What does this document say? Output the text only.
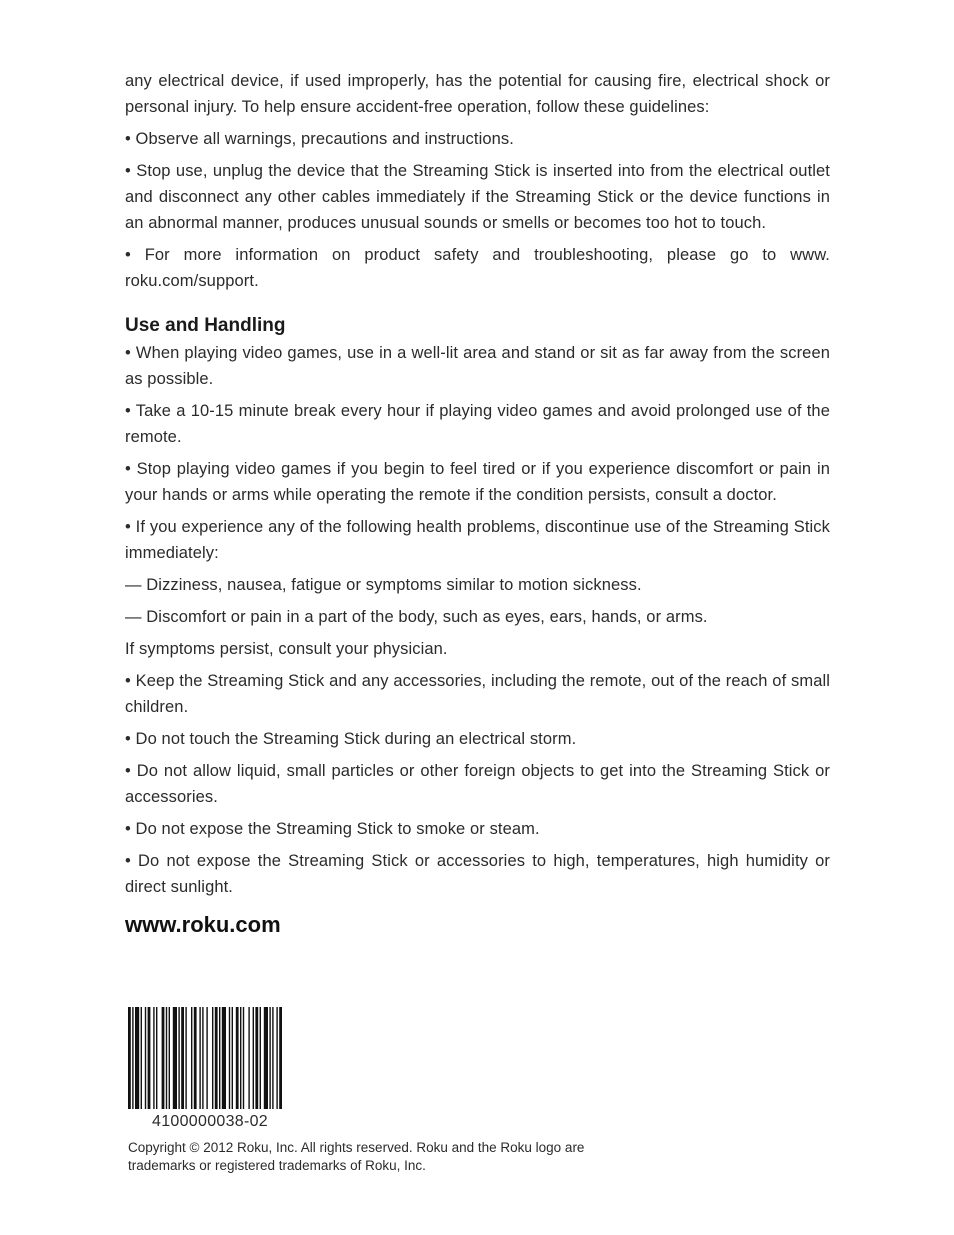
any electrical device, if used improperly, has the potential for causing fire, electrical shock or personal injury. To help ensure accident-free operation, follow these guidelines:

• Observe all warnings, precautions and instructions.

• Stop use, unplug the device that the Streaming Stick is inserted into from the electrical outlet and disconnect any other cables immediately if the Streaming Stick or the device functions in an abnormal manner, produces unusual sounds or smells or becomes too hot to touch.

• For more information on product safety and troubleshooting, please go to www. roku.com/support.

Use and Handling

• When playing video games, use in a well-lit area and stand or sit as far away from the screen as possible.

• Take a 10-15 minute break every hour if playing video games and avoid prolonged use of the remote.

• Stop playing video games if you begin to feel tired or if you experience discomfort or pain in your hands or arms while operating the remote if the condition persists, consult a doctor.

• If you experience any of the following health problems, discontinue use of the Streaming Stick immediately:

— Dizziness, nausea, fatigue or symptoms similar to motion sickness.

— Discomfort or pain in a part of the body, such as eyes, ears, hands, or arms.

If symptoms persist, consult your physician.

• Keep the Streaming Stick and any accessories, including the remote, out of the reach of small children.

• Do not touch the Streaming Stick during an electrical storm.

• Do not allow liquid, small particles or other foreign objects to get into the Streaming Stick or accessories.

• Do not expose the Streaming Stick to smoke or steam.

• Do not expose the Streaming Stick or accessories to high, temperatures, high humidity or direct sunlight.

www.roku.com
4100000038-02
Copyright © 2012 Roku, Inc. All rights reserved. Roku and the Roku logo are
trademarks or registered trademarks of Roku, Inc.
